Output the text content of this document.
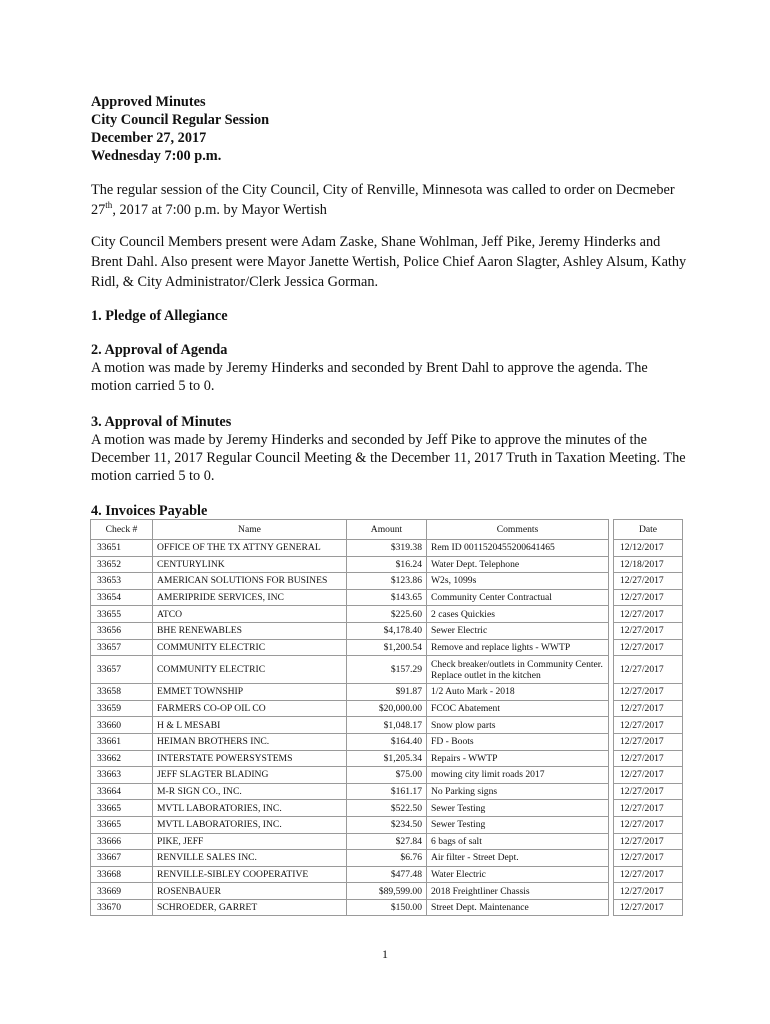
Approved Minutes
City Council Regular Session
December 27, 2017
Wednesday 7:00 p.m.
The regular session of the City Council, City of Renville, Minnesota was called to order on Decmeber 27th, 2017 at 7:00 p.m. by Mayor Wertish
City Council Members present were Adam Zaske, Shane Wohlman, Jeff Pike, Jeremy Hinderks and Brent Dahl. Also present were Mayor Janette Wertish, Police Chief Aaron Slagter, Ashley Alsum, Kathy Ridl, & City Administrator/Clerk Jessica Gorman.
1. Pledge of Allegiance
2. Approval of Agenda
A motion was made by Jeremy Hinderks and seconded by Brent Dahl to approve the agenda. The motion carried 5 to 0.
3. Approval of Minutes
A motion was made by Jeremy Hinderks and seconded by Jeff Pike to approve the minutes of the December 11, 2017 Regular Council Meeting & the December 11, 2017 Truth in Taxation Meeting. The motion carried 5 to 0.
4. Invoices Payable
Check #	Name	Amount	Comments		Date
33651	OFFICE OF THE TX ATTNY GENERAL	$319.38	Rem ID 0011520455200641465		12/12/2017
33652	CENTURYLINK	$16.24	Water Dept. Telephone		12/18/2017
33653	AMERICAN SOLUTIONS FOR BUSINES	$123.86	W2s, 1099s		12/27/2017
33654	AMERIPRIDE SERVICES, INC	$143.65	Community Center Contractual		12/27/2017
33655	ATCO	$225.60	2 cases Quickies		12/27/2017
33656	BHE RENEWABLES	$4,178.40	Sewer Electric		12/27/2017
33657	COMMUNITY ELECTRIC	$1,200.54	Remove and replace lights - WWTP		12/27/2017
33657	COMMUNITY ELECTRIC	$157.29	Check breaker/outlets in Community Center. Replace outlet in the kitchen		12/27/2017
33658	EMMET TOWNSHIP	$91.87	1/2 Auto Mark - 2018		12/27/2017
33659	FARMERS CO-OP OIL CO	$20,000.00	FCOC Abatement		12/27/2017
33660	H & L MESABI	$1,048.17	Snow plow parts		12/27/2017
33661	HEIMAN BROTHERS INC.	$164.40	FD - Boots		12/27/2017
33662	INTERSTATE POWERSYSTEMS	$1,205.34	Repairs - WWTP		12/27/2017
33663	JEFF SLAGTER BLADING	$75.00	mowing city limit roads 2017		12/27/2017
33664	M-R SIGN CO., INC.	$161.17	No Parking signs		12/27/2017
33665	MVTL LABORATORIES, INC.	$522.50	Sewer Testing		12/27/2017
33665	MVTL LABORATORIES, INC.	$234.50	Sewer Testing		12/27/2017
33666	PIKE, JEFF	$27.84	6 bags of salt		12/27/2017
33667	RENVILLE SALES INC.	$6.76	Air filter - Street Dept.		12/27/2017
33668	RENVILLE-SIBLEY COOPERATIVE	$477.48	Water Electric		12/27/2017
33669	ROSENBAUER	$89,599.00	2018 Freightliner Chassis		12/27/2017
33670	SCHROEDER, GARRET	$150.00	Street Dept. Maintenance		12/27/2017
1
